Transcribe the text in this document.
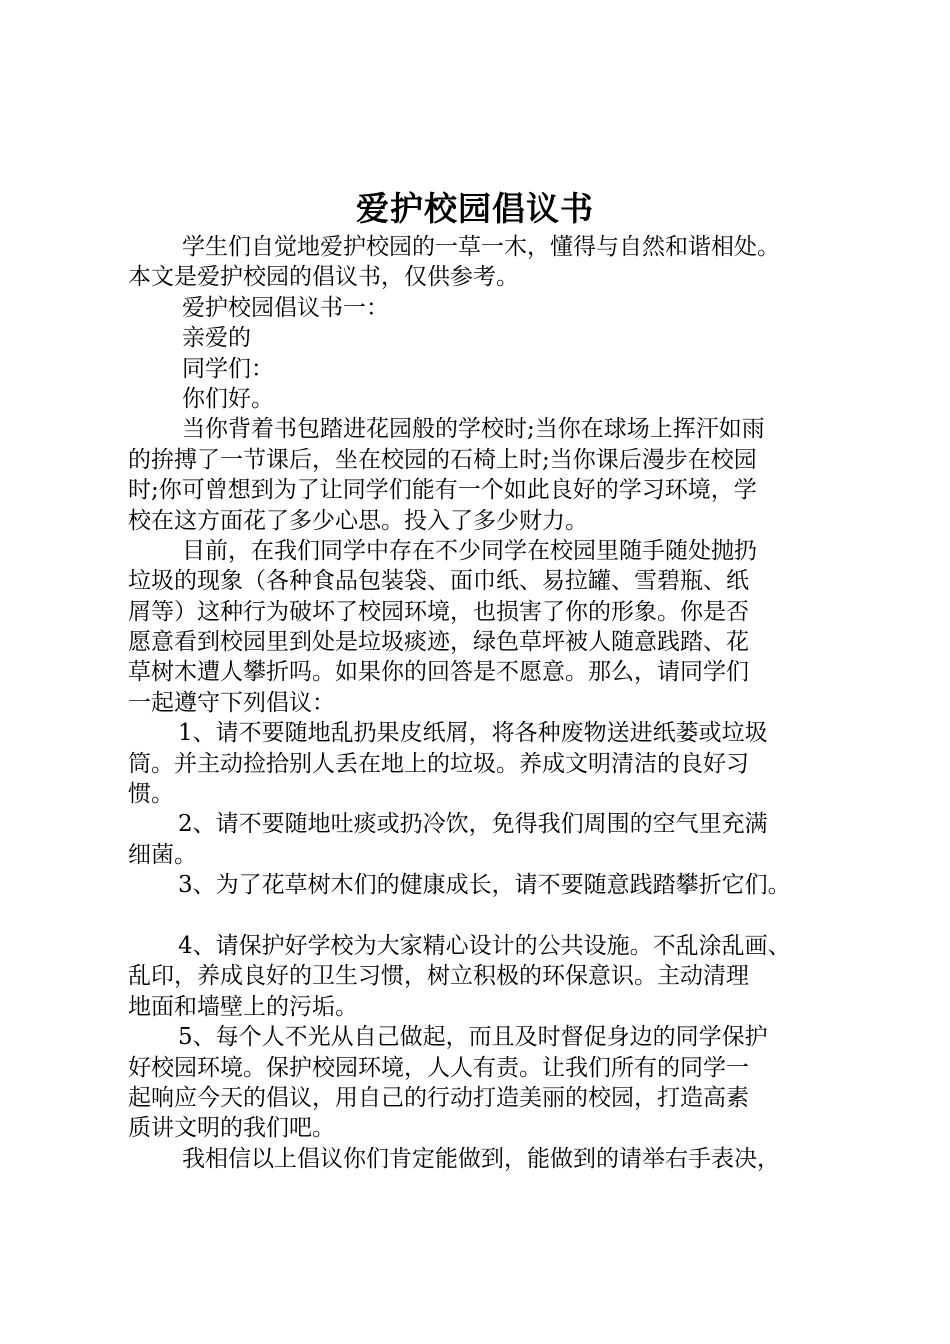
爱护校园倡议书
学生们自觉地爱护校园的一草一木，懂得与自然和谐相处。
本文是爱护校园的倡议书，仅供参考。
爱护校园倡议书一：
亲爱的
同学们：
你们好。
当你背着书包踏进花园般的学校时;当你在球场上挥汗如雨
的拚搏了一节课后，坐在校园的石椅上时;当你课后漫步在校园
时;你可曾想到为了让同学们能有一个如此良好的学习环境，学
校在这方面花了多少心思。投入了多少财力。
目前，在我们同学中存在不少同学在校园里随手随处抛扔
垃圾的现象（各种食品包装袋、面巾纸、易拉罐、雪碧瓶、纸
屑等）这种行为破坏了校园环境，也损害了你的形象。你是否
愿意看到校园里到处是垃圾痰迹，绿色草坪被人随意践踏、花
草树木遭人攀折吗。如果你的回答是不愿意。那么，请同学们
一起遵守下列倡议：
1、请不要随地乱扔果皮纸屑，将各种废物送进纸蒌或垃圾
筒。并主动捡拾别人丢在地上的垃圾。养成文明清洁的良好习
惯。
2、请不要随地吐痰或扔冷饮，免得我们周围的空气里充满
细菌。
3、为了花草树木们的健康成长，请不要随意践踏攀折它们。
4、请保护好学校为大家精心设计的公共设施。不乱涂乱画、
乱印，养成良好的卫生习惯，树立积极的环保意识。主动清理
地面和墙壁上的污垢。
5、每个人不光从自己做起，而且及时督促身边的同学保护
好校园环境。保护校园环境，人人有责。让我们所有的同学一
起响应今天的倡议，用自己的行动打造美丽的校园，打造高素
质讲文明的我们吧。
我相信以上倡议你们肯定能做到，能做到的请举右手表决，
